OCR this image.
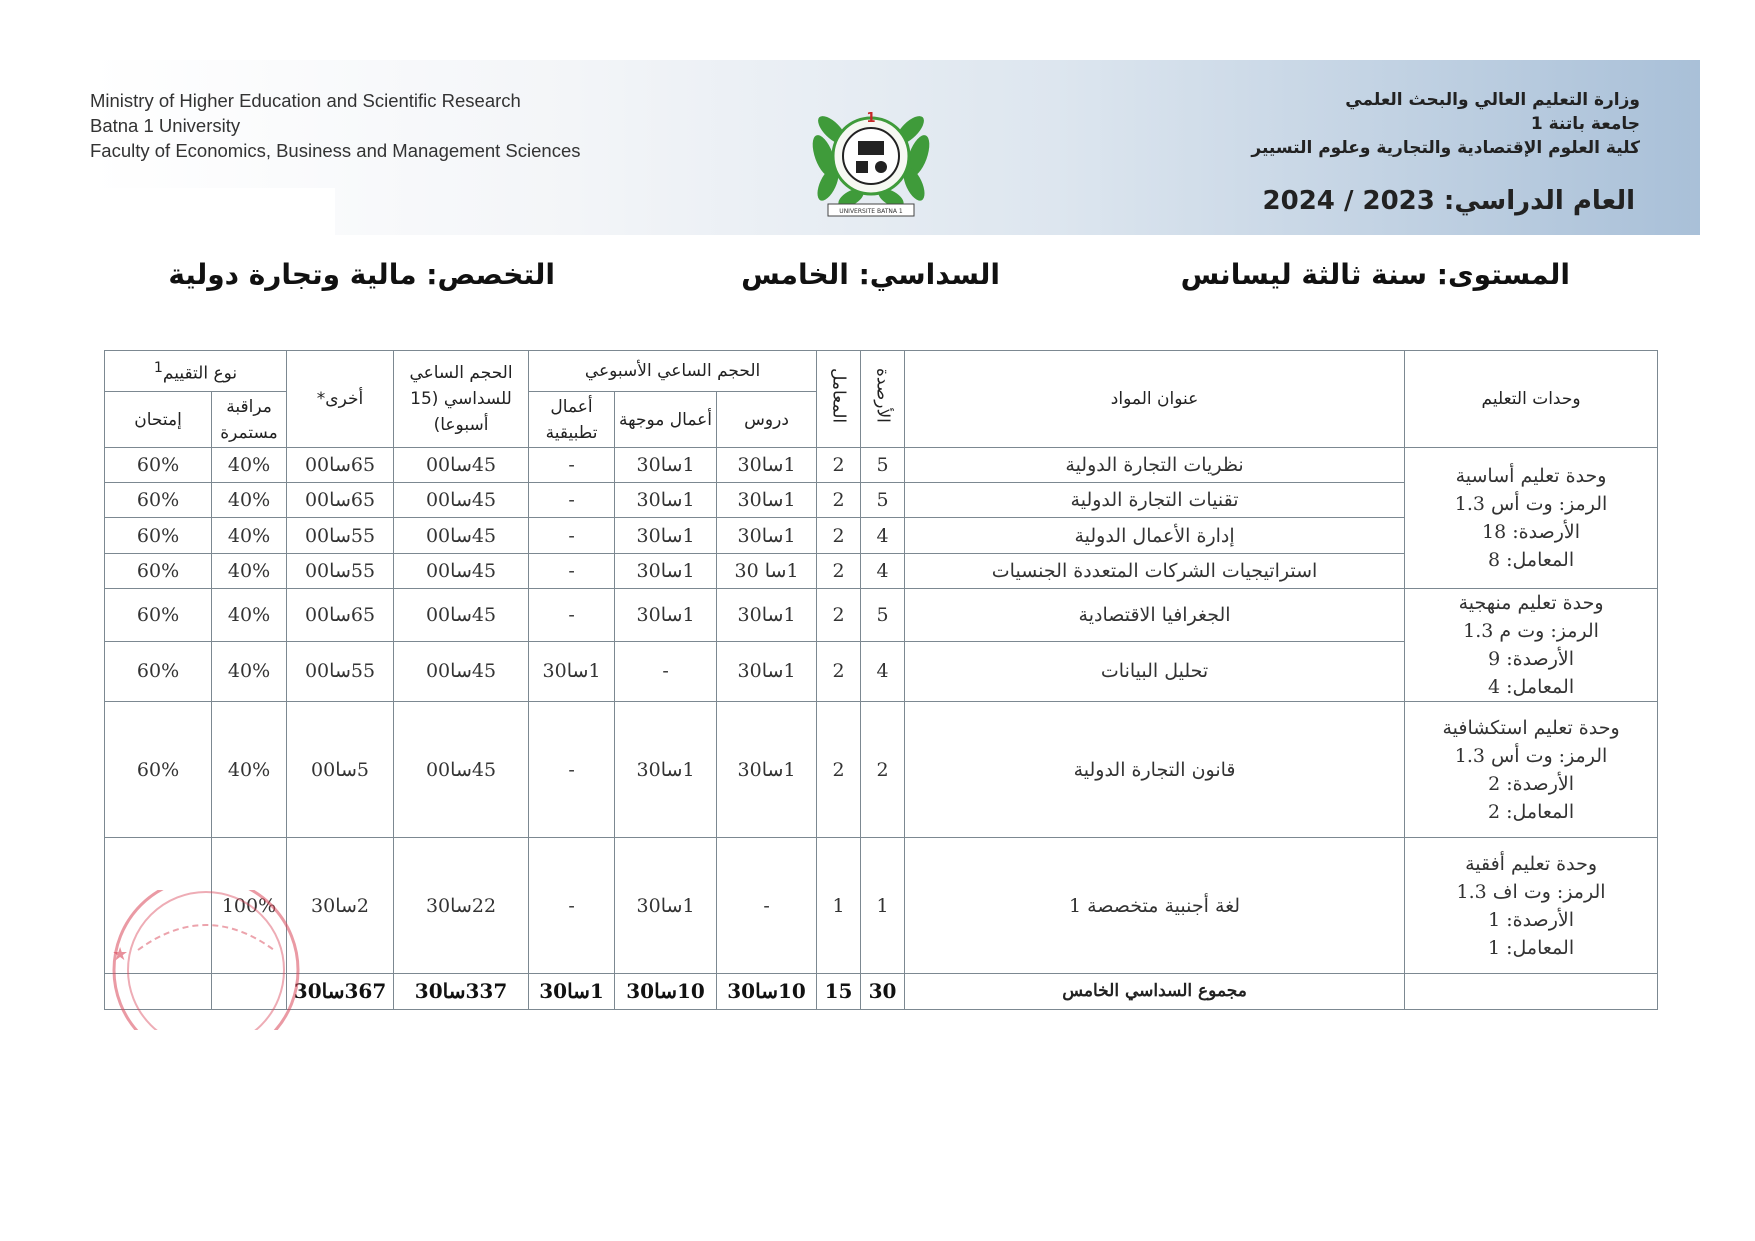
Ministry of Higher Education and Scientific Research
Batna 1 University
Faculty of Economics, Business and Management Sciences
1
UNIVERSITE BATNA 1
وزارة التعليم العالي والبحث العلمي
جامعة باتنة 1
كلية العلوم الإقتصادية والتجارية وعلوم التسيير
العام الدراسي: 2023 / 2024
المستوى: سنة ثالثة ليسانس
السداسي: الخامس
التخصص: مالية وتجارة دولية
وحدات التعليم	عنوان المواد	الأرصدة	المعامل	الحجم الساعي الأسبوعي			الحجم الساعي للسداسي (15 أسبوعا)	أخرى*	نوع التقييم$^1$
				دروس	أعمال موجهة	أعمال تطبيقية			مراقبة مستمرة	إمتحان

وحدة تعليم أساسية
الرمز: وت أس 1.3
الأرصدة: 18
المعامل: 8	نظريات التجارة الدولية	5	2	1سا30	1سا30	-	45سا00	65سا00	40%	60%
	تقنيات التجارة الدولية	5	2	1سا30	1سا30	-	45سا00	65سا00	40%	60%
	إدارة الأعمال الدولية	4	2	1سا30	1سا30	-	45سا00	55سا00	40%	60%
	استراتيجيات الشركات المتعددة الجنسيات	4	2	1سا 30	1سا30	-	45سا00	55سا00	40%	60%

وحدة تعليم منهجية
الرمز: وت م 1.3
الأرصدة: 9
المعامل: 4	الجغرافيا الاقتصادية	5	2	1سا30	1سا30	-	45سا00	65سا00	40%	60%
	تحليل البيانات	4	2	1سا30	-	1سا30	45سا00	55سا00	40%	60%

وحدة تعليم استكشافية
الرمز: وت أس 1.3
الأرصدة: 2
المعامل: 2	قانون التجارة الدولية	2	2	1سا30	1سا30	-	45سا00	5سا00	40%	60%

وحدة تعليم أفقية
الرمز: وت اف 1.3
الأرصدة: 1
المعامل: 1	لغة أجنبية متخصصة 1	1	1	-	1سا30	-	22سا30	2سا30	100%	
	مجموع السداسي الخامس	30	15	10سا30	10سا30	1سا30	337سا30	367سا30		
★
